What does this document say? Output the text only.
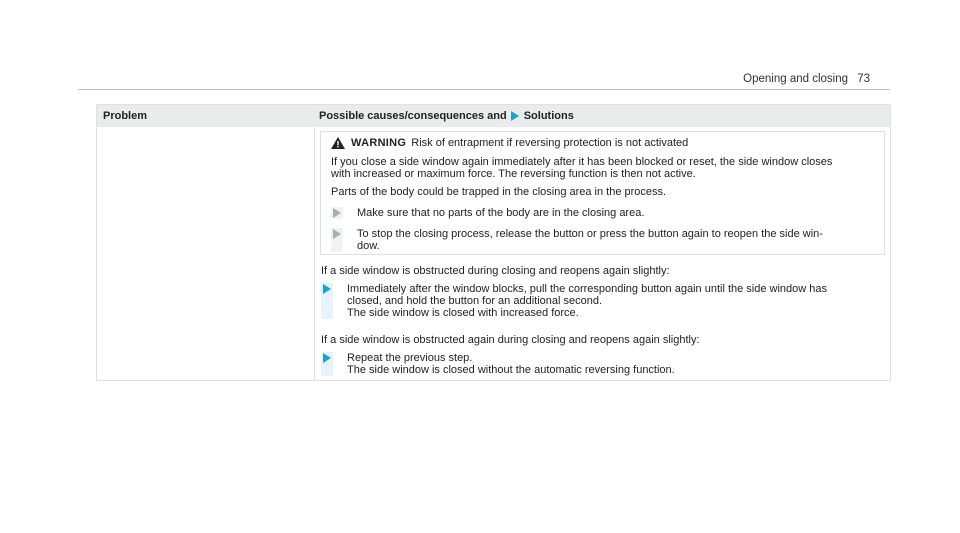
Opening and closing 73
Problem	Possible causes/consequences and Solutions
WARNING Risk of entrapment if reversing protection is not activated
If you close a side window again immediately after it has been blocked or reset, the side window closes
with increased or maximum force. The reversing function is then not active.
Parts of the body could be trapped in the closing area in the process.
Make sure that no parts of the body are in the closing area.
To stop the closing process, release the button or press the button again to reopen the side win-
dow.
If a side window is obstructed during closing and reopens again slightly:
Immediately after the window blocks, pull the corresponding button again until the side window has
closed, and hold the button for an additional second.
The side window is closed with increased force.
If a side window is obstructed again during closing and reopens again slightly:
Repeat the previous step.
The side window is closed without the automatic reversing function.
